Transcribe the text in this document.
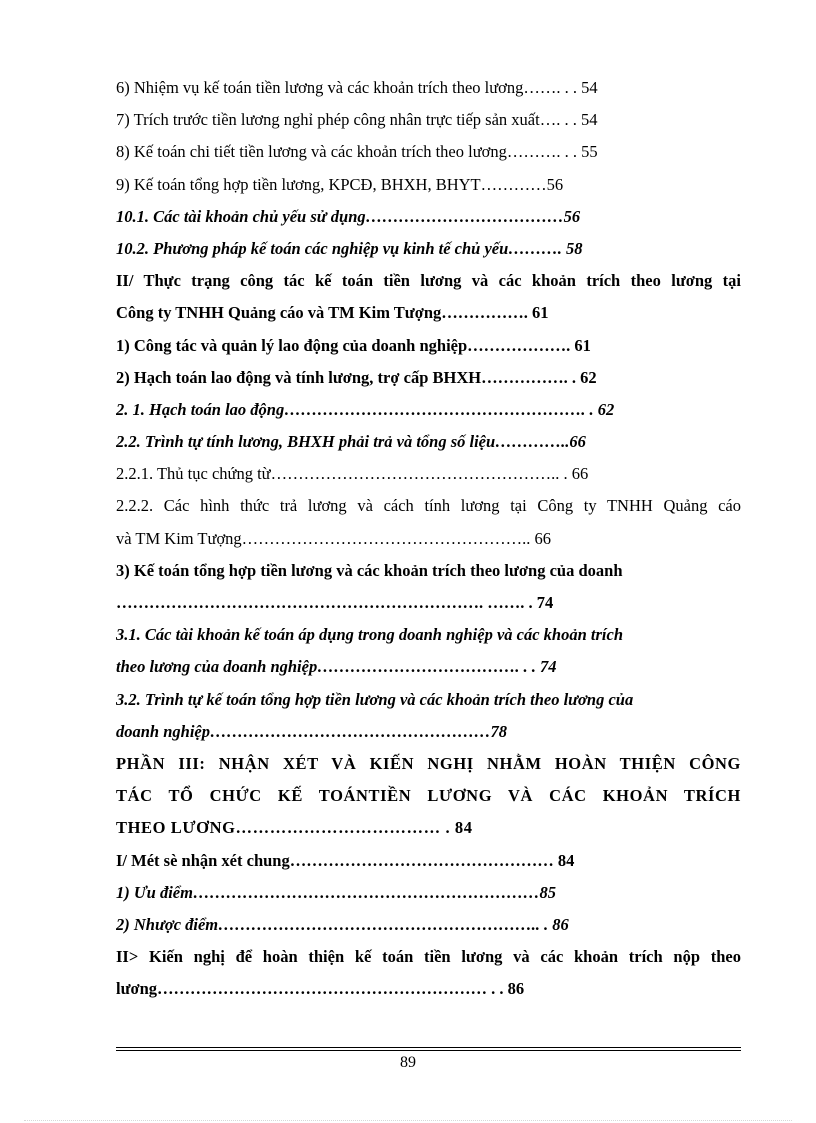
6) Nhiệm vụ kế toán tiền lương và các khoản trích theo lương……. . . 54
7) Trích trước tiền lương nghỉ phép công nhân trực tiếp sản xuất…. . . 54
8) Kế toán chi tiết tiền lương và các khoản trích theo lương………. . . 55
9) Kế toán tổng hợp tiền lương, KPCĐ, BHXH, BHYT…………56
10.1. Các tài khoản chủ yếu sử dụng………………………………56
10.2. Phương pháp kế toán các nghiệp vụ kinh tế chủ yếu………. 58
II/ Thực trạng công tác kế toán tiền lương và các khoản trích theo lương tại
Công ty TNHH Quảng cáo và TM Kim Tượng……………. 61
1) Công tác và quản lý lao động của doanh nghiệp………………. 61
2) Hạch toán lao động và tính lương, trợ cấp BHXH……………. . 62
2. 1. Hạch toán lao động………………………………………………. . 62
2.2. Trình tự tính lương, BHXH phải trả và tổng số liệu…………..66
2.2.1. Thủ tục chứng từ…………………………………………….. . 66
2.2.2. Các hình thức trả lương và cách tính lương tại Công ty TNHH Quảng cáo
và TM Kim Tượng…………………………………………….. 66
3) Kế toán tổng hợp tiền lương và các khoản trích theo lương của doanh
…………………………………………………………. ……. . 74
3.1. Các tài khoản kế toán áp dụng trong doanh nghiệp và các khoản trích
theo lương của doanh nghiệp………………………………. . . 74
3.2. Trình tự kế toán tổng hợp tiền lương và các khoản trích theo lương của
doanh nghiệp……………………………………………78
PHẦN III: NHẬN XÉT VÀ KIẾN NGHỊ NHẰM HOÀN THIỆN CÔNG
TÁC TỔ CHỨC KẾ TOÁNTIỀN LƯƠNG VÀ CÁC KHOẢN TRÍCH
THEO LƯƠNG……………………………… . 84
I/ Mét sè nhận xét chung………………………………………… 84
1) Ưu điểm………………………………………………………85
2) Nhược điểm………………………………………………….. . 86
II> Kiến nghị để hoàn thiện kế toán tiền lương và các khoản trích nộp theo
lương…………………………………………………… . . 86
89
